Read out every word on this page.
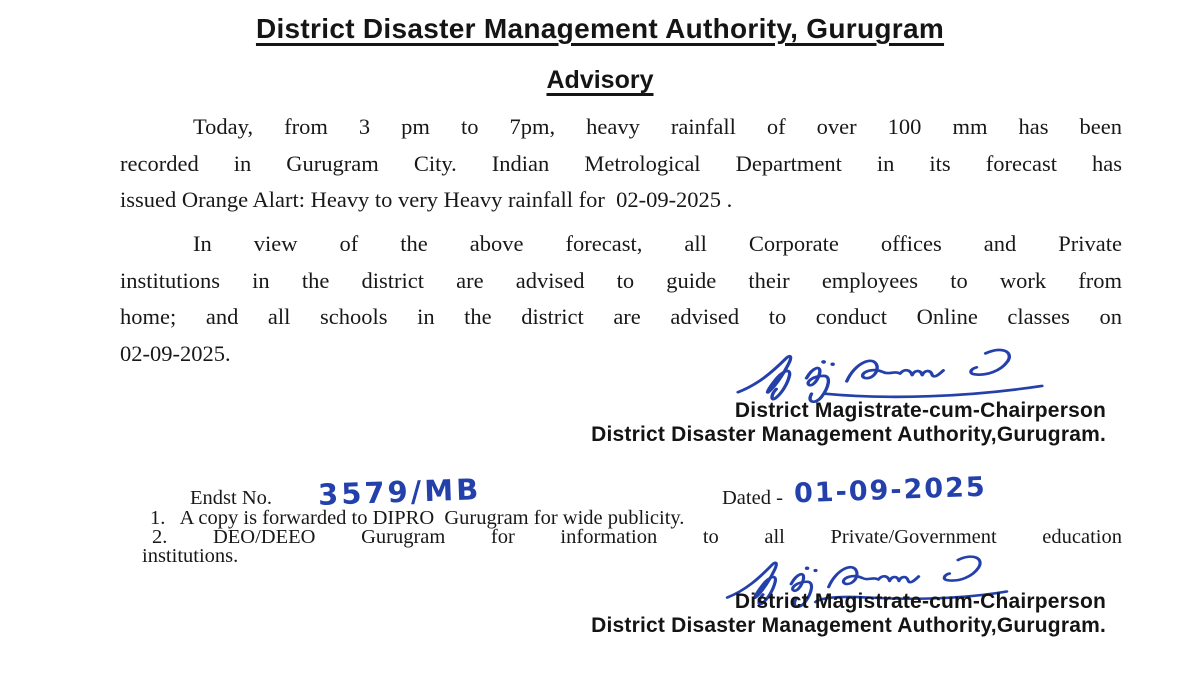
District Disaster Management Authority, Gurugram
Advisory
Today, from 3 pm to 7pm, heavy rainfall of over 100 mm has been
recorded in Gurugram City. Indian Metrological Department in its forecast has
issued Orange Alart: Heavy to very Heavy rainfall for  02-09-2025 .
In view of the above forecast, all Corporate offices and Private
institutions in the district are advised to guide their employees to work from
home; and all schools in the district are advised to conduct Online classes on
02-09-2025.
District Magistrate-cum-Chairperson
District Disaster Management Authority,Gurugram.
Endst No. 3579/MB	Dated - 01-09-2025
1.   A copy is forwarded to DIPRO  Gurugram for wide publicity.
2. DEO/DEEO Gurugram for information to all Private/Government education
institutions.
District Magistrate-cum-Chairperson
District Disaster Management Authority,Gurugram.
